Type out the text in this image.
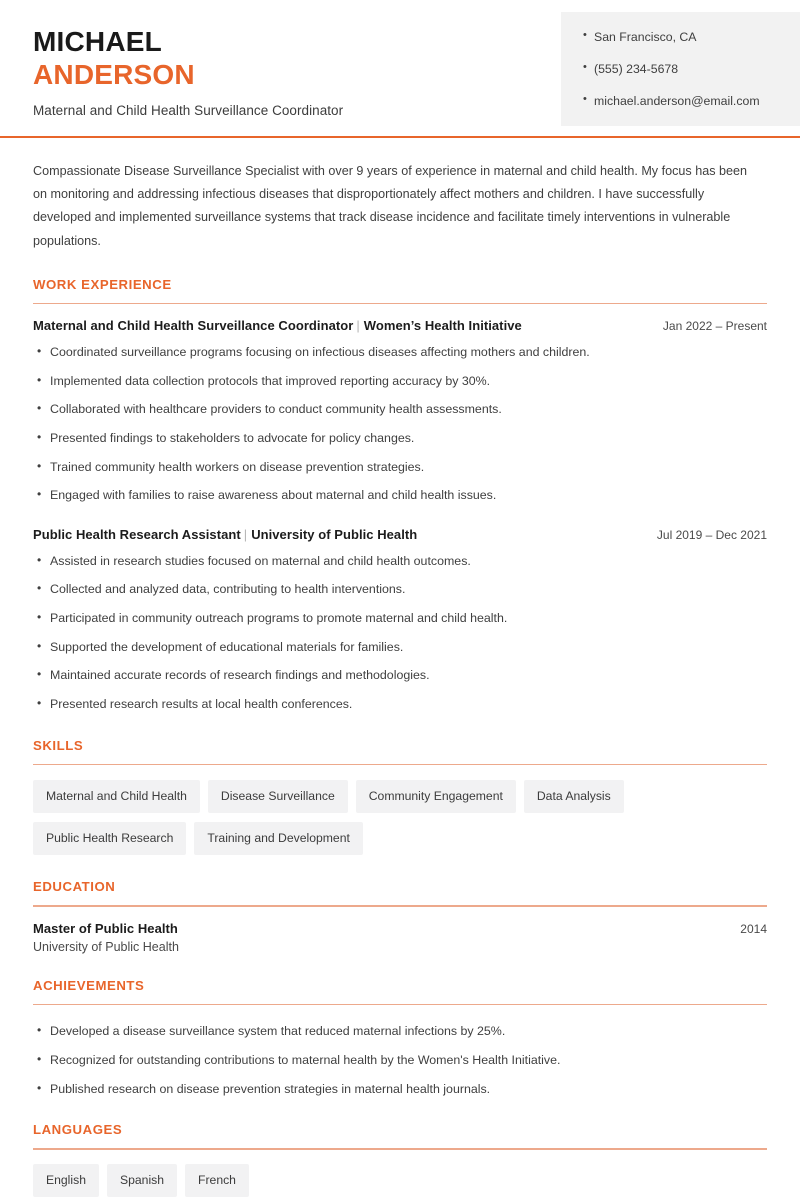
MICHAEL
ANDERSON
Maternal and Child Health Surveillance Coordinator
• San Francisco, CA
• (555) 234-5678
• michael.anderson@email.com

Compassionate Disease Surveillance Specialist with over 9 years of experience in maternal and child health. My focus has been on monitoring and addressing infectious diseases that disproportionately affect mothers and children. I have successfully developed and implemented surveillance systems that track disease incidence and facilitate timely interventions in vulnerable populations.

WORK EXPERIENCE
Maternal and Child Health Surveillance Coordinator | Women’s Health Initiative	Jan 2022 – Present
• Coordinated surveillance programs focusing on infectious diseases affecting mothers and children.
• Implemented data collection protocols that improved reporting accuracy by 30%.
• Collaborated with healthcare providers to conduct community health assessments.
• Presented findings to stakeholders to advocate for policy changes.
• Trained community health workers on disease prevention strategies.
• Engaged with families to raise awareness about maternal and child health issues.
Public Health Research Assistant | University of Public Health	Jul 2019 – Dec 2021
• Assisted in research studies focused on maternal and child health outcomes.
• Collected and analyzed data, contributing to health interventions.
• Participated in community outreach programs to promote maternal and child health.
• Supported the development of educational materials for families.
• Maintained accurate records of research findings and methodologies.
• Presented research results at local health conferences.
SKILLS
Maternal and Child Health	Disease Surveillance	Community Engagement	Data Analysis
Public Health Research	Training and Development
EDUCATION
Master of Public Health	2014
University of Public Health
ACHIEVEMENTS
• Developed a disease surveillance system that reduced maternal infections by 25%.
• Recognized for outstanding contributions to maternal health by the Women's Health Initiative.
• Published research on disease prevention strategies in maternal health journals.
LANGUAGES
English	Spanish	French
